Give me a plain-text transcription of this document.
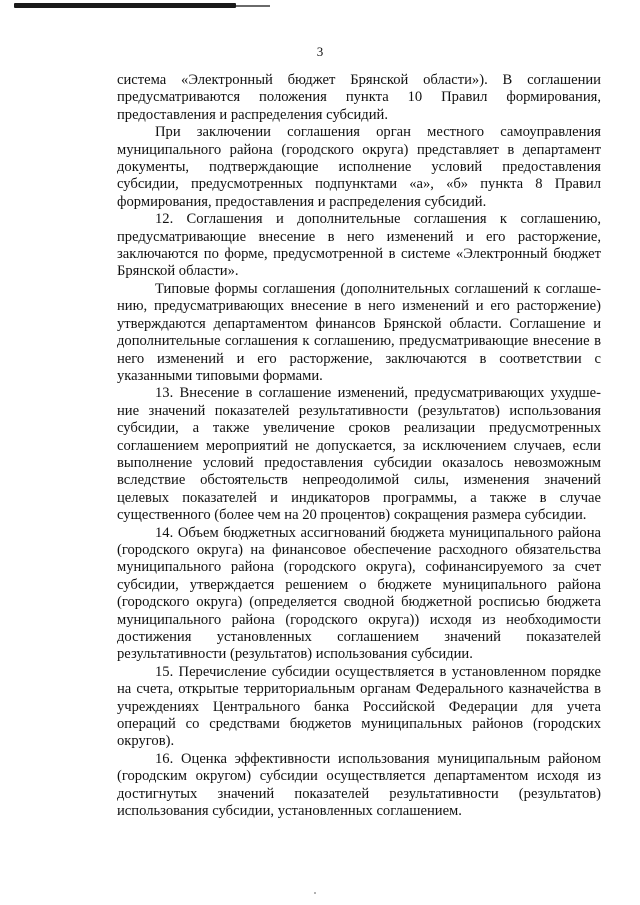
3

система «Электронный бюджет Брянской области»). В соглашении предусматриваются положения пункта 10 Правил формирования, предоставления и распределения субсидий.

При заключении соглашения орган местного самоуправления муниципального района (городского округа) представляет в департамент документы, подтверждающие исполнение условий предоставления субсидии, предусмотренных подпунктами «а», «б» пункта 8 Правил формирования, предоставления и распределения субсидий.

12. Соглашения и дополнительные соглашения к соглашению, предусматривающие внесение в него изменений и его расторжение, заключаются по форме, предусмотренной в системе «Электронный бюджет Брянской области».

Типовые формы соглашения (дополнительных соглашений к соглашению, предусматривающих внесение в него изменений и его расторжение) утверждаются департаментом финансов Брянской области. Соглашение и дополнительные соглашения к соглашению, предусматривающие внесение в него изменений и его расторжение, заключаются в соответствии с указанными типовыми формами.

13. Внесение в соглашение изменений, предусматривающих ухудшение значений показателей результативности (результатов) использования субсидии, а также увеличение сроков реализации предусмотренных соглашением мероприятий не допускается, за исключением случаев, если выполнение условий предоставления субсидии оказалось невозможным вследствие обстоятельств непреодолимой силы, изменения значений целевых показателей и индикаторов программы, а также в случае существенного (более чем на 20 процентов) сокращения размера субсидии.

14. Объем бюджетных ассигнований бюджета муниципального района (городского округа) на финансовое обеспечение расходного обязательства муниципального района (городского округа), софинансируемого за счет субсидии, утверждается решением о бюджете муниципального района (городского округа) (определяется сводной бюджетной росписью бюджета муниципального района (городского округа)) исходя из необходимости достижения установленных соглашением значений показателей результативности (результатов) использования субсидии.

15. Перечисление субсидии осуществляется в установленном порядке на счета, открытые территориальным органам Федерального казначейства в учреждениях Центрального банка Российской Федерации для учета операций со средствами бюджетов муниципальных районов (городских округов).

16. Оценка эффективности использования муниципальным районом (городским округом) субсидии осуществляется департаментом исходя из достигнутых значений показателей результативности (результатов) использования субсидии, установленных соглашением.
